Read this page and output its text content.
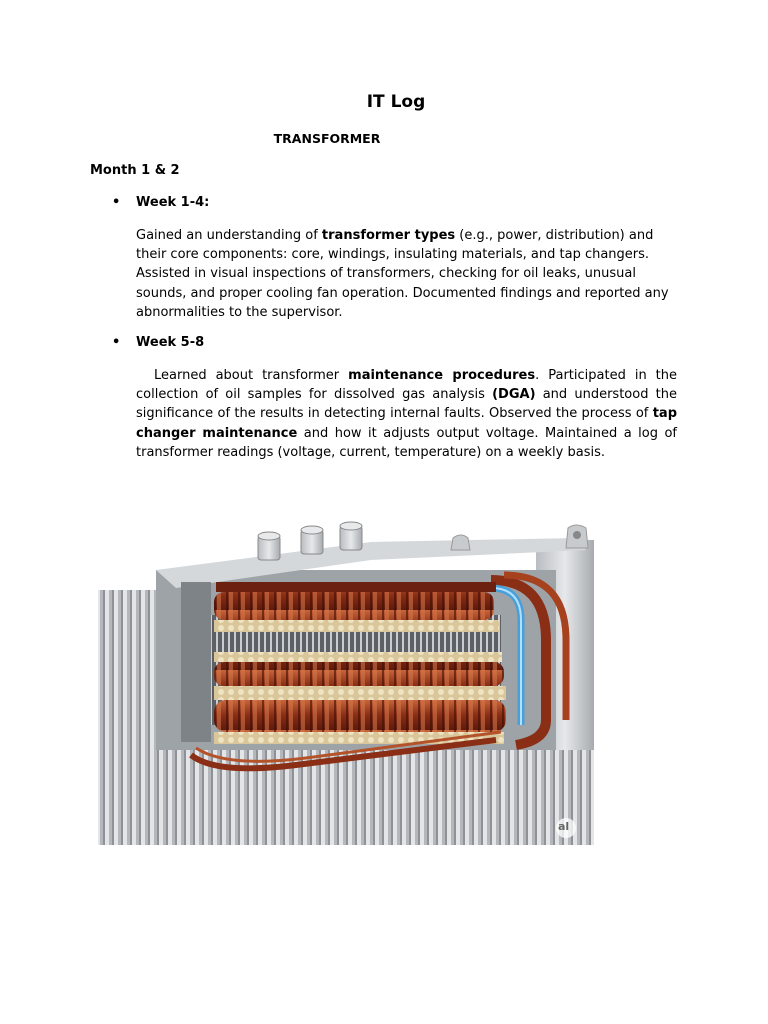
IT Log
TRANSFORMER
Month 1 & 2
• Week 1-4:

Gained an understanding of transformer types (e.g., power, distribution) and their core components: core, windings, insulating materials, and tap changers. Assisted in visual inspections of transformers, checking for oil leaks, unusual sounds, and proper cooling fan operation. Documented findings and reported any abnormalities to the supervisor.

• Week 5-8

Learned about transformer maintenance procedures. Participated in the collection of oil samples for dissolved gas analysis (DGA) and understood the significance of the results in detecting internal faults. Observed the process of tap changer maintenance and how it adjusts output voltage. Maintained a log of transformer readings (voltage, current, temperature) on a weekly basis.

al
